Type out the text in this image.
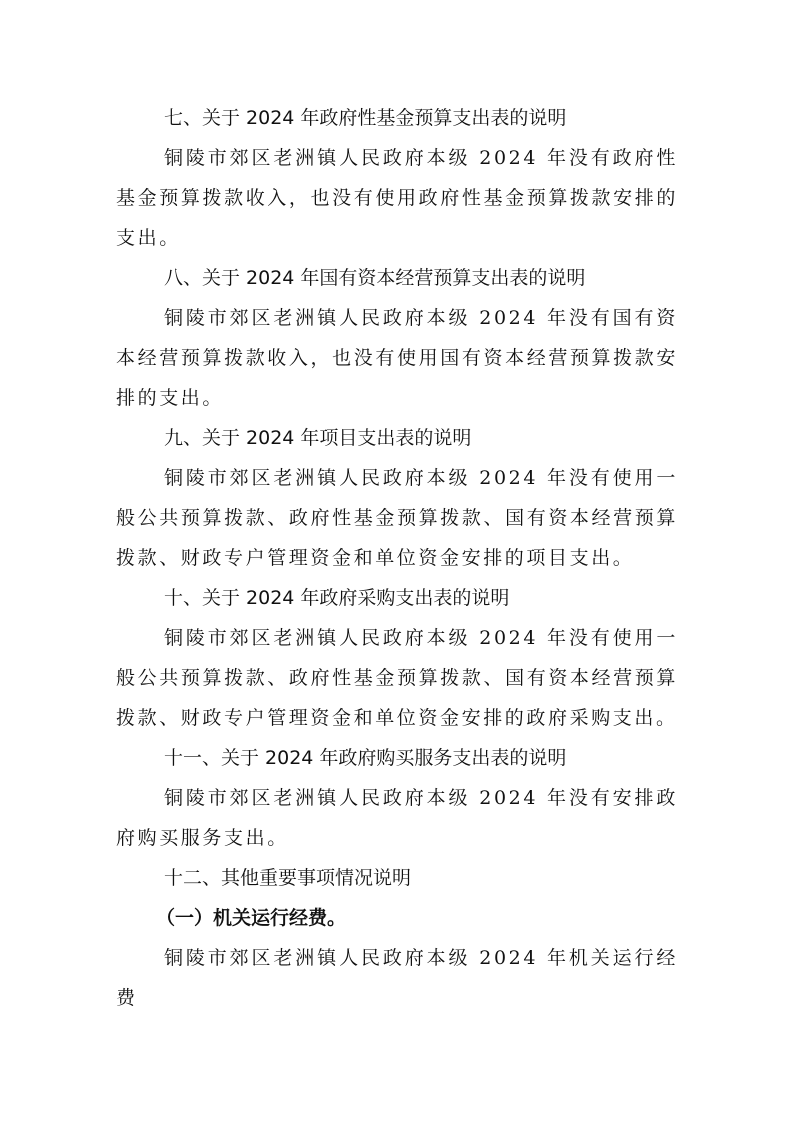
七、关于 2024 年政府性基金预算支出表的说明

铜陵市郊区老洲镇人民政府本级 2024 年没有政府性基金预算拨款收入，也没有使用政府性基金预算拨款安排的支出。

八、关于 2024 年国有资本经营预算支出表的说明

铜陵市郊区老洲镇人民政府本级 2024 年没有国有资本经营预算拨款收入，也没有使用国有资本经营预算拨款安排的支出。

九、关于 2024 年项目支出表的说明

铜陵市郊区老洲镇人民政府本级 2024 年没有使用一般公共预算拨款、政府性基金预算拨款、国有资本经营预算拨款、财政专户管理资金和单位资金安排的项目支出。

十、关于 2024 年政府采购支出表的说明

铜陵市郊区老洲镇人民政府本级 2024 年没有使用一般公共预算拨款、政府性基金预算拨款、国有资本经营预算拨款、财政专户管理资金和单位资金安排的政府采购支出。

十一、关于 2024 年政府购买服务支出表的说明

铜陵市郊区老洲镇人民政府本级 2024 年没有安排政府购买服务支出。

十二、其他重要事项情况说明
（一）机关运行经费。

铜陵市郊区老洲镇人民政府本级 2024 年机关运行经费
